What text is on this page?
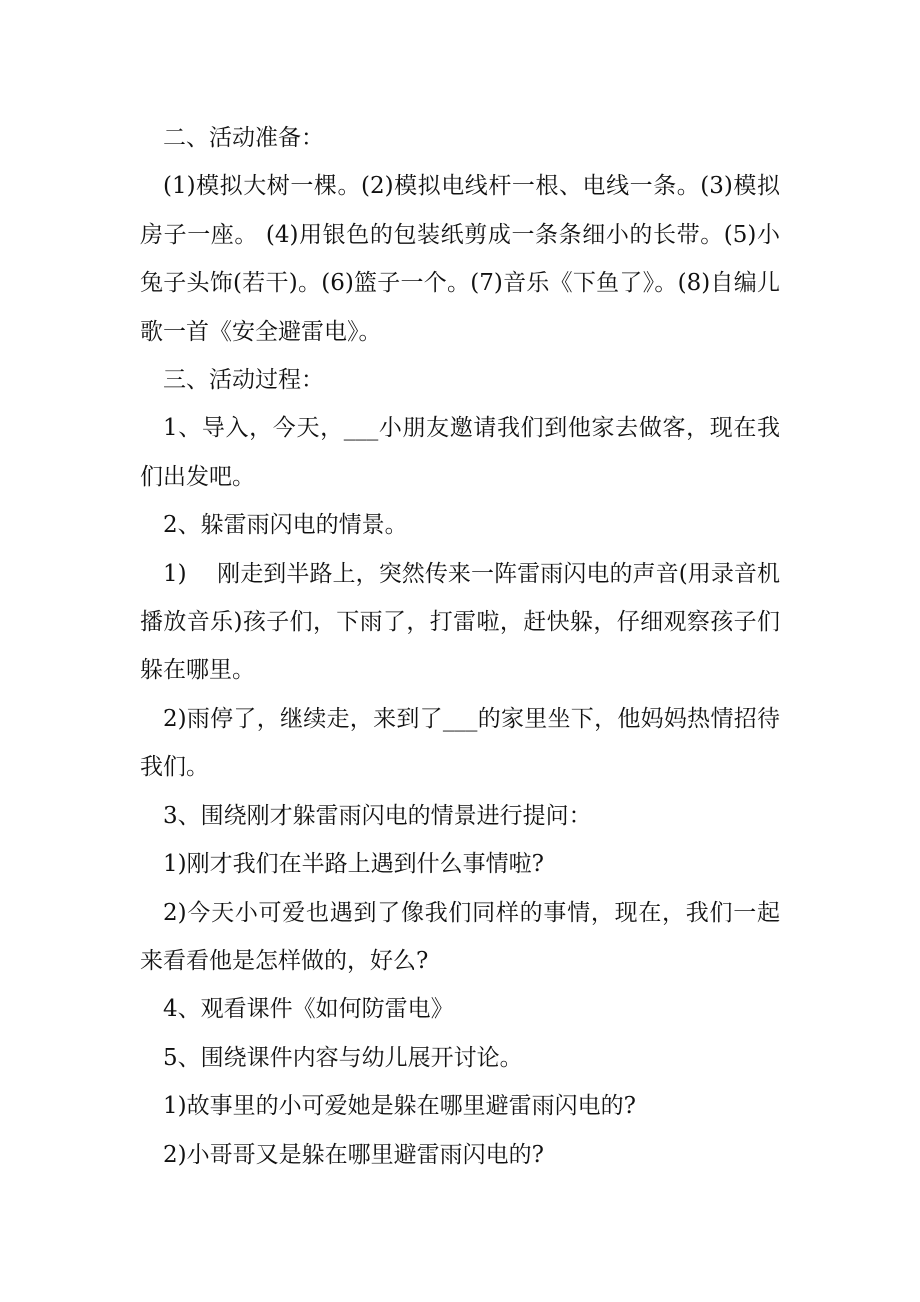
二、活动准备：

(1)模拟大树一棵。(2)模拟电线杆一根、电线一条。(3)模拟房子一座。 (4)用银色的包装纸剪成一条条细小的长带。(5)小兔子头饰(若干)。(6)篮子一个。(7)音乐《下鱼了》。(8)自编儿歌一首《安全避雷电》。

三、活动过程：

1、导入，今天，___小朋友邀请我们到他家去做客，现在我们出发吧。

2、躲雷雨闪电的情景。

1)　 刚走到半路上，突然传来一阵雷雨闪电的声音(用录音机播放音乐)孩子们，下雨了，打雷啦，赶快躲，仔细观察孩子们躲在哪里。

2)雨停了，继续走，来到了___的家里坐下，他妈妈热情招待我们。

3、围绕刚才躲雷雨闪电的情景进行提问：

1)刚才我们在半路上遇到什么事情啦?

2)今天小可爱也遇到了像我们同样的事情，现在，我们一起来看看他是怎样做的，好么?

4、观看课件《如何防雷电》

5、围绕课件内容与幼儿展开讨论。

1)故事里的小可爱她是躲在哪里避雷雨闪电的?

2)小哥哥又是躲在哪里避雷雨闪电的?
